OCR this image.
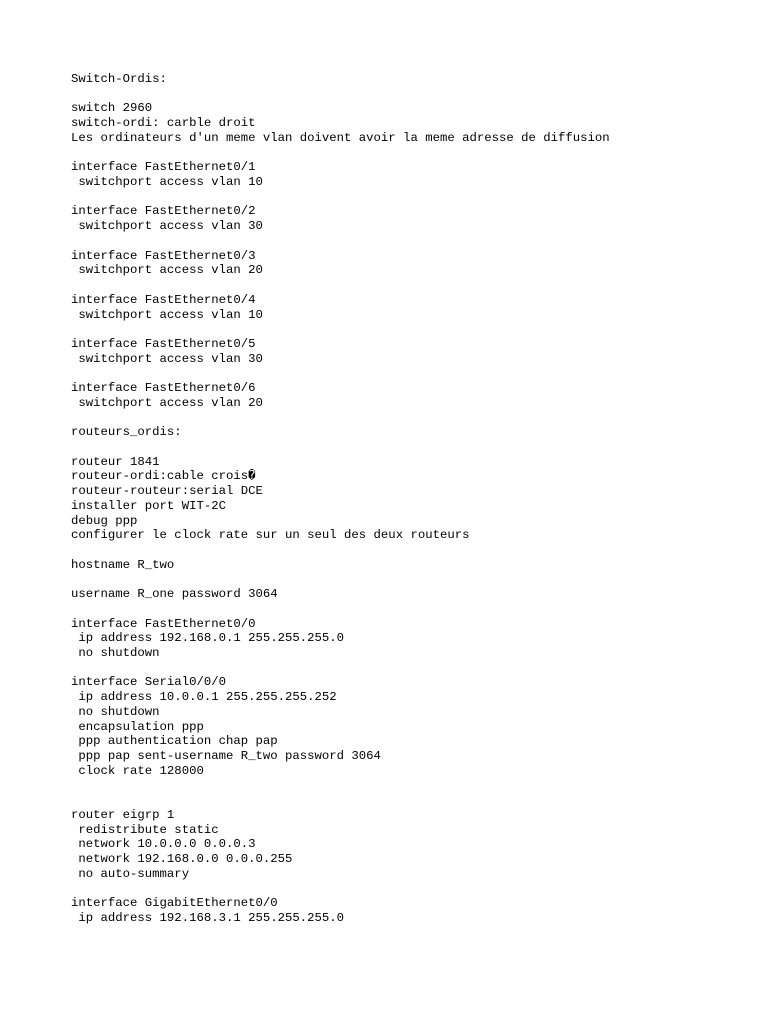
Switch-Ordis:
switch 2960
switch-ordi: carble droit
Les ordinateurs d'un meme vlan doivent avoir la meme adresse de diffusion
interface FastEthernet0/1
switchport access vlan 10
interface FastEthernet0/2
switchport access vlan 30
interface FastEthernet0/3
switchport access vlan 20
interface FastEthernet0/4
switchport access vlan 10
interface FastEthernet0/5
switchport access vlan 30
interface FastEthernet0/6
switchport access vlan 20
routeurs_ordis:
routeur 1841
routeur-ordi:cable crois�
routeur-routeur:serial DCE
installer port WIT-2C
debug ppp
configurer le clock rate sur un seul des deux routeurs
hostname R_two
username R_one password 3064
interface FastEthernet0/0
ip address 192.168.0.1 255.255.255.0
no shutdown
interface Serial0/0/0
ip address 10.0.0.1 255.255.255.252
no shutdown
encapsulation ppp
ppp authentication chap pap
ppp pap sent-username R_two password 3064
clock rate 128000
router eigrp 1
redistribute static
network 10.0.0.0 0.0.0.3
network 192.168.0.0 0.0.0.255
no auto-summary
interface GigabitEthernet0/0
ip address 192.168.3.1 255.255.255.0
